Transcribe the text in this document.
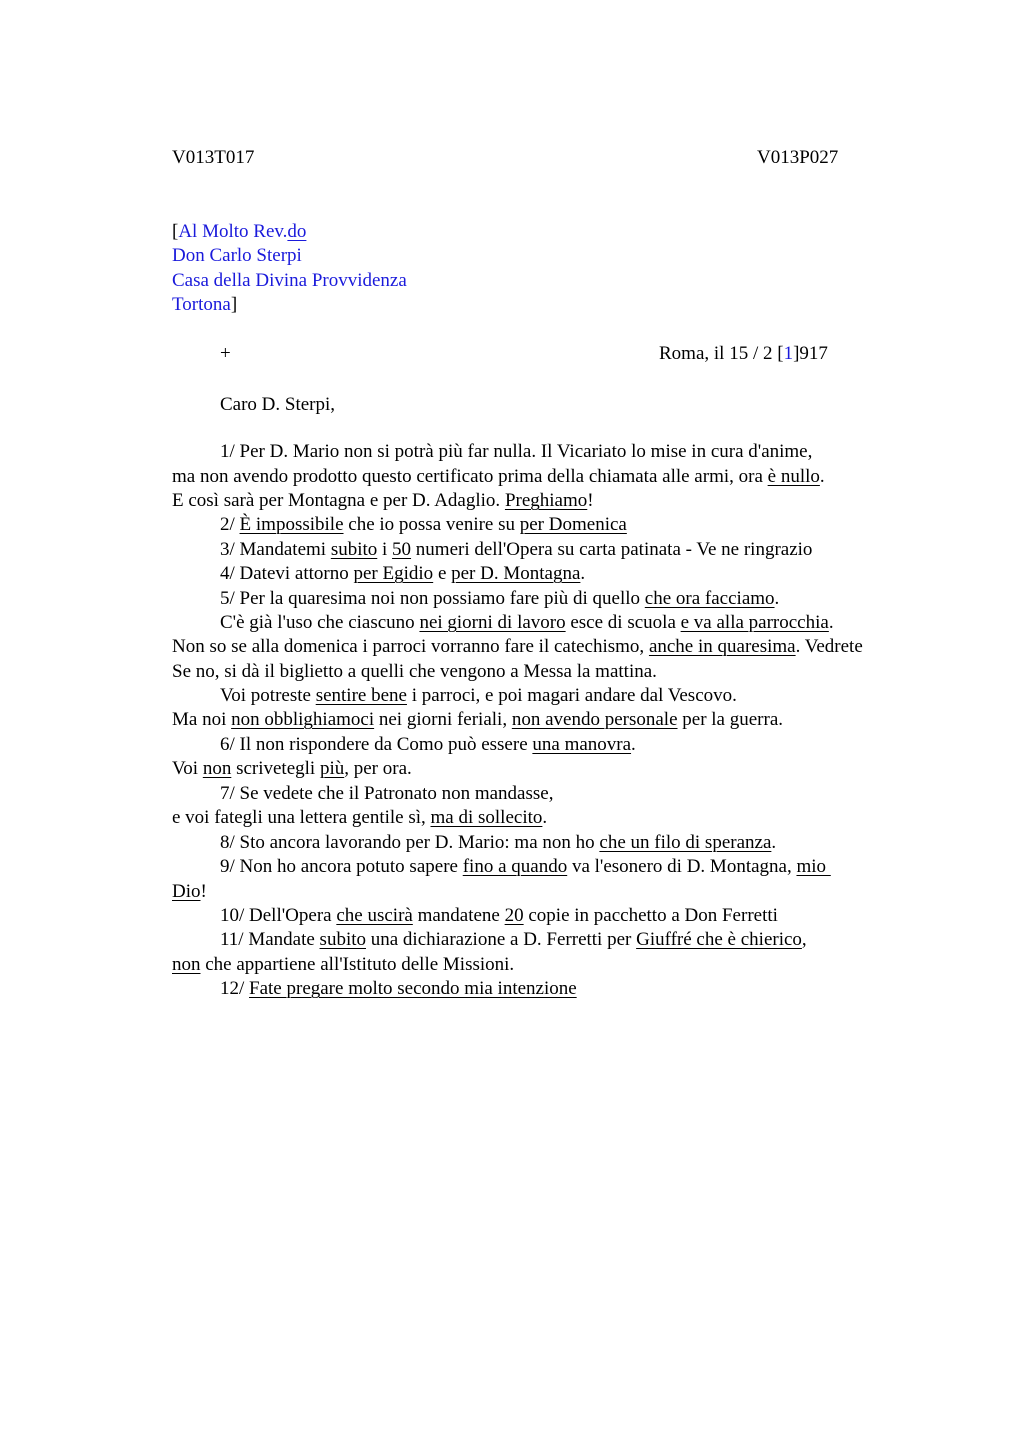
V013T017	V013P027
[Al Molto Rev.do
Don Carlo Sterpi
Casa della Divina Provvidenza
Tortona]
+	Roma, il 15 / 2 [1]917
Caro D. Sterpi,
1/ Per D. Mario non si potrà più far nulla. Il Vicariato lo mise in cura d'anime,
ma non avendo prodotto questo certificato prima della chiamata alle armi, ora è nullo.
E così sarà per Montagna e per D. Adaglio. Preghiamo!
2/ È impossibile che io possa venire su per Domenica
3/ Mandatemi subito i 50 numeri dell'Opera su carta patinata - Ve ne ringrazio
4/ Datevi attorno per Egidio e per D. Montagna.
5/ Per la quaresima noi non possiamo fare più di quello che ora facciamo.
C'è già l'uso che ciascuno nei giorni di lavoro esce di scuola e va alla parrocchia.
Non so se alla domenica i parroci vorranno fare il catechismo, anche in quaresima. Vedrete
Se no, si dà il biglietto a quelli che vengono a Messa la mattina.
Voi potreste sentire bene i parroci, e poi magari andare dal Vescovo.
Ma noi non obblighiamoci nei giorni feriali, non avendo personale per la guerra.
6/ Il non rispondere da Como può essere una manovra.
Voi non scrivetegli più, per ora.
7/ Se vedete che il Patronato non mandasse,
e voi fategli una lettera gentile sì, ma di sollecito.
8/ Sto ancora lavorando per D. Mario: ma non ho che un filo di speranza.
9/ Non ho ancora potuto sapere fino a quando va l'esonero di D. Montagna, mio
Dio!
10/ Dell'Opera che uscirà mandatene 20 copie in pacchetto a Don Ferretti
11/ Mandate subito una dichiarazione a D. Ferretti per Giuffré che è chierico,
non che appartiene all'Istituto delle Missioni.
12/ Fate pregare molto secondo mia intenzione
